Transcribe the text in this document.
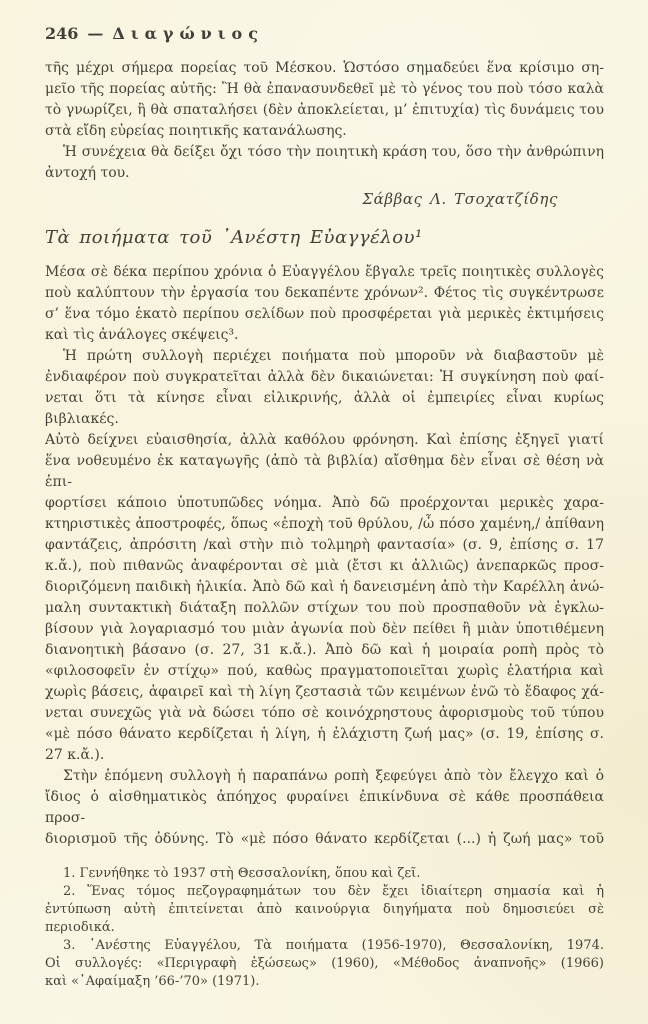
246 — Διαγώνιος
τῆς μέχρι σήμερα πορείας τοῦ Μέσκου. Ὡστόσο σημαδεύει ἕνα κρίσιμο ση-
μεῖο τῆς πορείας αὐτῆς: Ἢ θὰ ἐπανασυνδεθεῖ μὲ τὸ γένος του ποὺ τόσο καλὰ
τὸ γνωρίζει, ἢ θὰ σπαταλήσει (δὲν ἀποκλείεται, μ’ ἐπιτυχία) τὶς δυνάμεις του
στὰ εἴδη εὐρείας ποιητικῆς κατανάλωσης.
Ἡ συνέχεια θὰ δείξει ὄχι τόσο τὴν ποιητικὴ κράση του, ὅσο τὴν ἀνθρώπινη
ἀντοχή του.
Σάββας Λ. Τσοχατζίδης
Τὰ ποιήματα τοῦ ᾿Ανέστη Εὐαγγέλου¹
Μέσα σὲ δέκα περίπου χρόνια ὁ Εὐαγγέλου ἔβγαλε τρεῖς ποιητικὲς συλλογὲς
ποὺ καλύπτουν τὴν ἐργασία του δεκαπέντε χρόνων². Φέτος τὶς συγκέντρωσε
σ’ ἕνα τόμο ἑκατὸ περίπου σελίδων ποὺ προσφέρεται γιὰ μερικὲς ἐκτιμήσεις
καὶ τὶς ἀνάλογες σκέψεις³.
Ἡ πρώτη συλλογὴ περιέχει ποιήματα ποὺ μποροῦν νὰ διαβαστοῦν μὲ
ἐνδιαφέρον ποὺ συγκρατεῖται ἀλλὰ δὲν δικαιώνεται: Ἡ συγκίνηση ποὺ φαί-
νεται ὅτι τὰ κίνησε εἶναι εἰλικρινής, ἀλλὰ οἱ ἐμπειρίες εἶναι κυρίως βιβλιακές.
Αὐτὸ δείχνει εὐαισθησία, ἀλλὰ καθόλου φρόνηση. Καὶ ἐπίσης ἐξηγεῖ γιατί
ἕνα νοθευμένο ἐκ καταγωγῆς (ἀπὸ τὰ βιβλία) αἴσθημα δὲν εἶναι σὲ θέση νὰ ἐπι-
φορτίσει κάποιο ὑποτυπῶδες νόημα. Ἀπὸ δῶ προέρχονται μερικὲς χαρα-
κτηριστικὲς ἀποστροφές, ὅπως «ἐποχὴ τοῦ θρύλου, /ὦ πόσο χαμένη,/ ἀπίθανη
φαντάζεις, ἀπρόσιτη /καὶ στὴν πιὸ τολμηρὴ φαντασία» (σ. 9, ἐπίσης σ. 17
κ.ἄ.), ποὺ πιθανῶς ἀναφέρονται σὲ μιὰ (ἔτσι κι ἀλλιῶς) ἀνεπαρκῶς προσ-
διοριζόμενη παιδικὴ ἡλικία. Ἀπὸ δῶ καὶ ἡ δανεισμένη ἀπὸ τὴν Καρέλλη ἀνώ-
μαλη συντακτικὴ διάταξη πολλῶν στίχων του ποὺ προσπαθοῦν νὰ ἐγκλω-
βίσουν γιὰ λογαριασμό του μιὰν ἀγωνία ποὺ δὲν πείθει ἢ μιὰν ὑποτιθέμενη
διανοητικὴ βάσανο (σ. 27, 31 κ.ἄ.). Ἀπὸ δῶ καὶ ἡ μοιραία ροπὴ πρὸς τὸ
«φιλοσοφεῖν ἐν στίχῳ» πού, καθὼς πραγματοποιεῖται χωρὶς ἐλατήρια καὶ
χωρὶς βάσεις, ἀφαιρεῖ καὶ τὴ λίγη ζεστασιὰ τῶν κειμένων ἐνῶ τὸ ἔδαφος χά-
νεται συνεχῶς γιὰ νὰ δώσει τόπο σὲ κοινόχρηστους ἀφορισμοὺς τοῦ τύπου
«μὲ πόσο θάνατο κερδίζεται ἡ λίγη, ἡ ἐλάχιστη ζωή μας» (σ. 19, ἐπίσης σ.
27 κ.ἄ.).
Στὴν ἑπόμενη συλλογὴ ἡ παραπάνω ροπὴ ξεφεύγει ἀπὸ τὸν ἔλεγχο καὶ ὁ
ἴδιος ὁ αἰσθηματικὸς ἀπόηχος φυραίνει ἐπικίνδυνα σὲ κάθε προσπάθεια προσ-
διορισμοῦ τῆς ὀδύνης. Τὸ «μὲ πόσο θάνατο κερδίζεται (...) ἡ ζωή μας» τοῦ
1. Γεννήθηκε τὸ 1937 στὴ Θεσσαλονίκη, ὅπου καὶ ζεῖ.
2. Ἕνας τόμος πεζογραφημάτων του δὲν ἔχει ἰδιαίτερη σημασία καὶ ἡ
ἐντύπωση αὐτὴ ἐπιτείνεται ἀπὸ καινούργια διηγήματα ποὺ δημοσιεύει σὲ
περιοδικά.
3. ᾿Ανέστης Εὐαγγέλου, Τὰ ποιήματα (1956-1970), Θεσσαλονίκη, 1974.
Οἱ συλλογές: «Περιγραφὴ ἐξώσεως» (1960), «Μέθοδος ἀναπνοῆς» (1966)
καὶ «᾿Αφαίμαξη ’66-’70» (1971).
